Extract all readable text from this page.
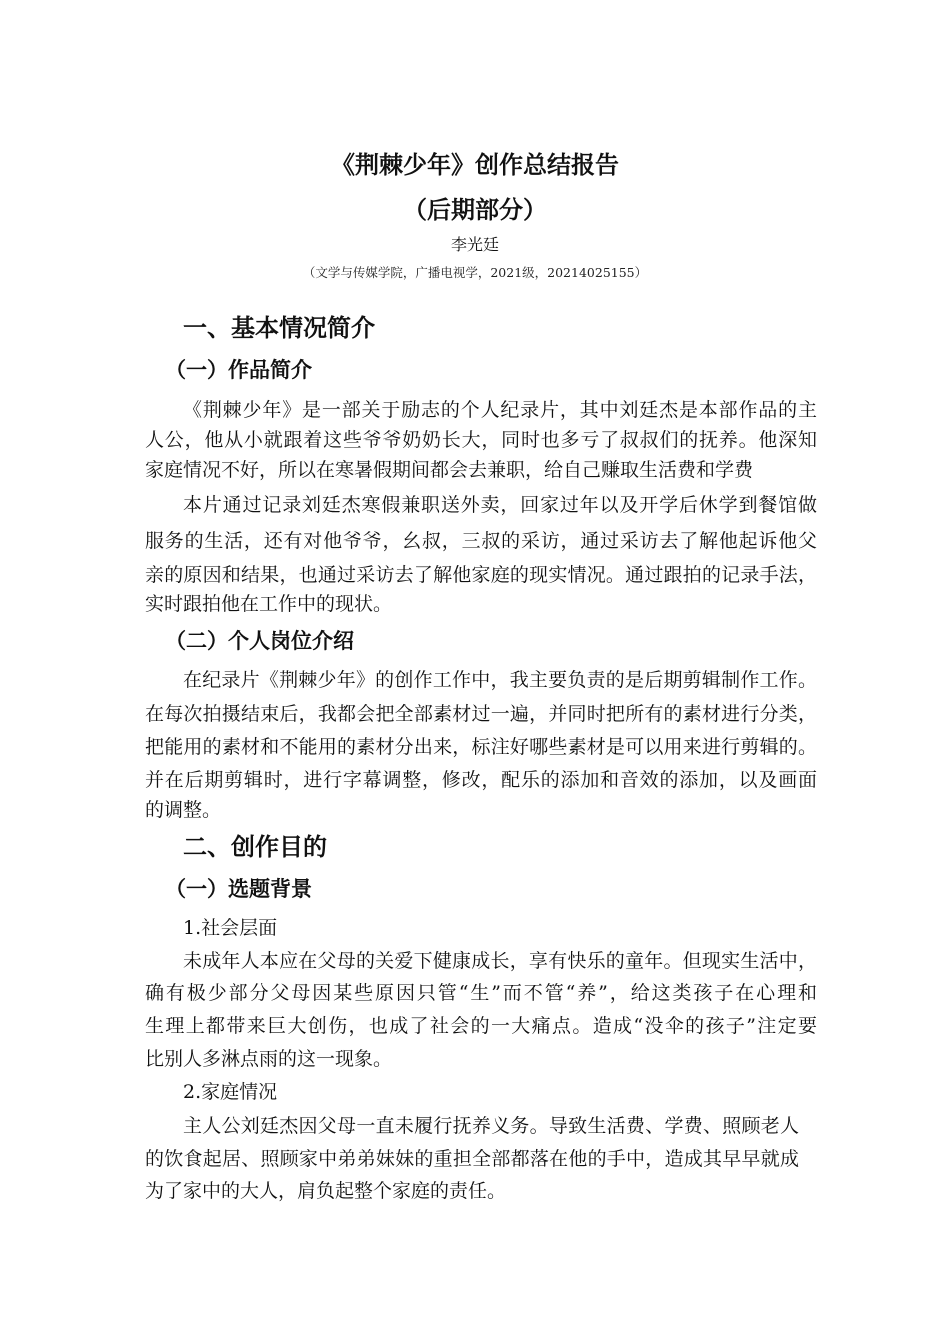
《荆棘少年》创作总结报告
（后期部分）
李光廷
（文学与传媒学院，广播电视学，2021级，20214025155）
一、基本情况简介
（一）作品简介
《荆棘少年》是一部关于励志的个人纪录片，其中刘廷杰是本部作品的主
人公，他从小就跟着这些爷爷奶奶长大，同时也多亏了叔叔们的抚养。他深知
家庭情况不好，所以在寒暑假期间都会去兼职，给自己赚取生活费和学费
本片通过记录刘廷杰寒假兼职送外卖，回家过年以及开学后休学到餐馆做
服务的生活，还有对他爷爷，幺叔，三叔的采访，通过采访去了解他起诉他父
亲的原因和结果，也通过采访去了解他家庭的现实情况。通过跟拍的记录手法，
实时跟拍他在工作中的现状。
（二）个人岗位介绍
在纪录片《荆棘少年》的创作工作中，我主要负责的是后期剪辑制作工作。
在每次拍摄结束后，我都会把全部素材过一遍，并同时把所有的素材进行分类，
把能用的素材和不能用的素材分出来，标注好哪些素材是可以用来进行剪辑的。
并在后期剪辑时，进行字幕调整，修改，配乐的添加和音效的添加，以及画面
的调整。
二、创作目的
（一）选题背景
1.社会层面
未成年人本应在父母的关爱下健康成长，享有快乐的童年。但现实生活中，
确有极少部分父母因某些原因只管“生”而不管“养”，给这类孩子在心理和
生理上都带来巨大创伤，也成了社会的一大痛点。造成“没伞的孩子”注定要
比别人多淋点雨的这一现象。
2.家庭情况
主人公刘廷杰因父母一直未履行抚养义务。导致生活费、学费、照顾老人
的饮食起居、照顾家中弟弟妹妹的重担全部都落在他的手中，造成其早早就成
为了家中的大人，肩负起整个家庭的责任。
